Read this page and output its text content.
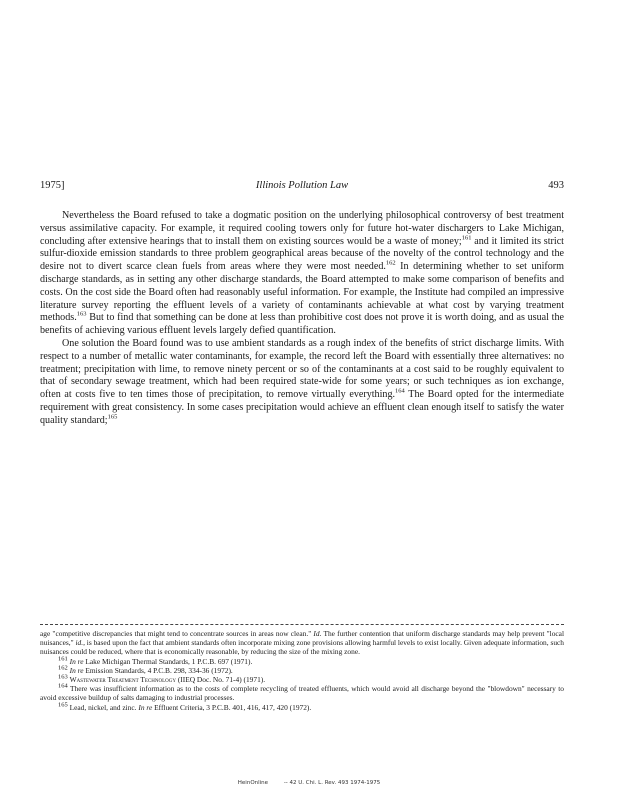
1975]	Illinois Pollution Law	493

Nevertheless the Board refused to take a dogmatic position on the underlying philosophical controversy of best treatment versus assimilative capacity. For example, it required cooling towers only for future hot-water dischargers to Lake Michigan, concluding after extensive hearings that to install them on existing sources would be a waste of money;$^{161}$ and it limited its strict sulfur-dioxide emission standards to three problem geographical areas because of the novelty of the control technology and the desire not to divert scarce clean fuels from areas where they were most needed.$^{162}$ In determining whether to set uniform discharge standards, as in setting any other discharge standards, the Board attempted to make some comparison of benefits and costs. On the cost side the Board often had reasonably useful information. For example, the Institute had compiled an impressive literature survey reporting the effluent levels of a variety of contaminants achievable at what cost by varying treatment methods.$^{163}$ But to find that something can be done at less than prohibitive cost does not prove it is worth doing, and as usual the benefits of achieving various effluent levels largely defied quantification.

One solution the Board found was to use ambient standards as a rough index of the benefits of strict discharge limits. With respect to a number of metallic water contaminants, for example, the record left the Board with essentially three alternatives: no treatment; precipitation with lime, to remove ninety percent or so of the contaminants at a cost said to be roughly equivalent to that of secondary sewage treatment, which had been required state-wide for some years; or such techniques as ion exchange, often at costs five to ten times those of precipitation, to remove virtually everything.$^{164}$ The Board opted for the intermediate requirement with great consistency. In some cases precipitation would achieve an effluent clean enough itself to satisfy the water quality standard;$^{165}$

age "competitive discrepancies that might tend to concentrate sources in areas now clean." Id. The further contention that uniform discharge standards may help prevent "local nuisances," id., is based upon the fact that ambient standards often incorporate mixing zone provisions allowing harmful levels to exist locally. Given adequate information, such nuisances could be reduced, where that is economically reasonable, by reducing the size of the mixing zone.

$^{161}$ In re Lake Michigan Thermal Standards, 1 P.C.B. 697 (1971).

$^{162}$ In re Emission Standards, 4 P.C.B. 298, 334-36 (1972).

$^{163}$ Wastewater Treatment Technology (IIEQ Doc. No. 71-4) (1971).

$^{164}$ There was insufficient information as to the costs of complete recycling of treated effluents, which would avoid all discharge beyond the "blowdown" necessary to avoid excessive buildup of salts damaging to industrial processes.

$^{165}$ Lead, nickel, and zinc. In re Effluent Criteria, 3 P.C.B. 401, 416, 417, 420 (1972).

HeinOnline	-- 42 U. Chi. L. Rev. 493 1974-1975
